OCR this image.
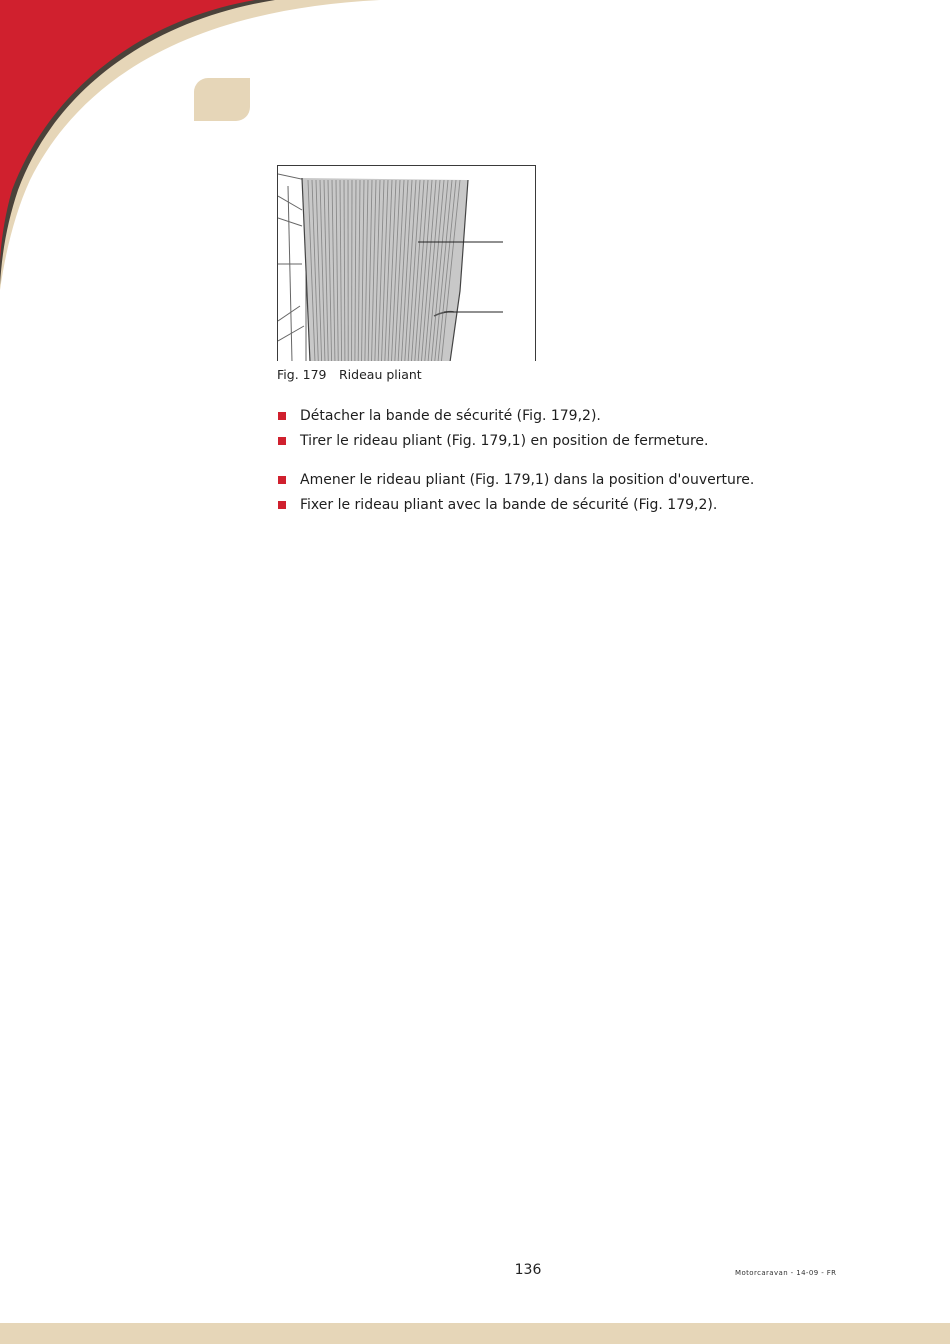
Fig. 179 Rideau pliant
Détacher la bande de sécurité (Fig. 179,2).
Tirer le rideau pliant (Fig. 179,1) en position de fermeture.
Amener le rideau pliant (Fig. 179,1) dans la position d'ouverture.
Fixer le rideau pliant avec la bande de sécurité (Fig. 179,2).
136	Motorcaravan - 14-09 - FR
